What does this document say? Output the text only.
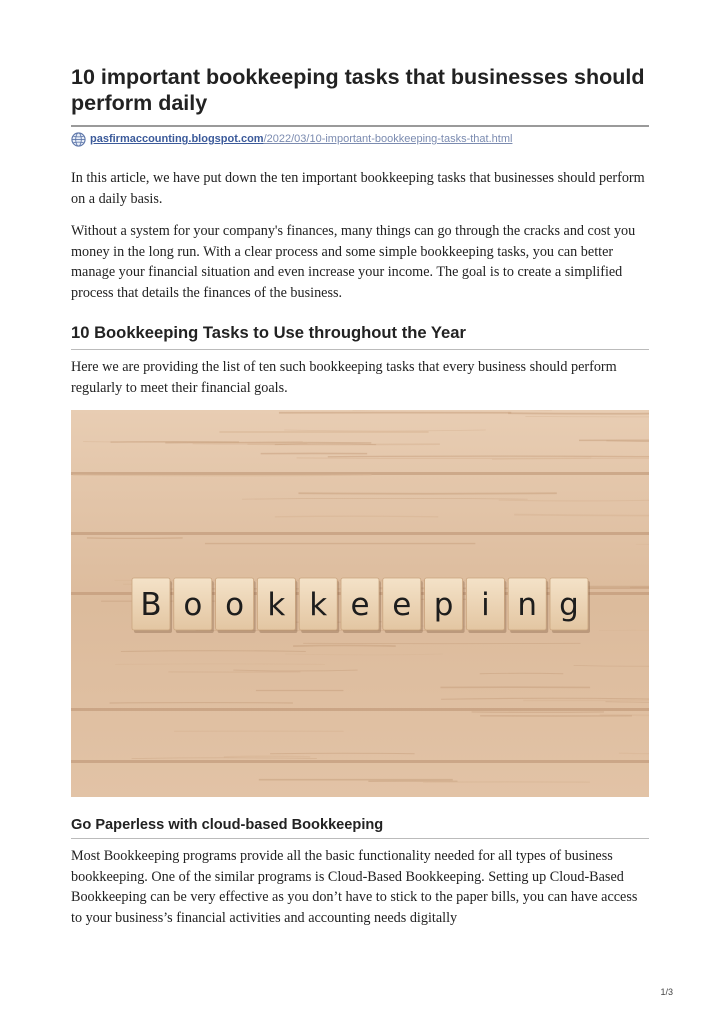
10 important bookkeeping tasks that businesses should perform daily
pasfirmaccounting.blogspot.com /2022/03/10-important-bookkeeping-tasks-that.html

In this article, we have put down the ten important bookkeeping tasks that businesses should perform on a daily basis.

Without a system for your company's finances, many things can go through the cracks and cost you money in the long run. With a clear process and some simple bookkeeping tasks, you can better manage your financial situation and even increase your income. The goal is to create a simplified process that details the finances of the business.

10 Bookkeeping Tasks to Use throughout the Year

Here we are providing the list of ten such bookkeeping tasks that every business should perform regularly to meet their financial goals.

B o o k k e e p i n g
Go Paperless with cloud-based Bookkeeping

Most Bookkeeping programs provide all the basic functionality needed for all types of business bookkeeping. One of the similar programs is Cloud-Based Bookkeeping. Setting up Cloud-Based Bookkeeping can be very effective as you don’t have to stick to the paper bills, you can have access to your business’s financial activities and accounting needs digitally

1/3
